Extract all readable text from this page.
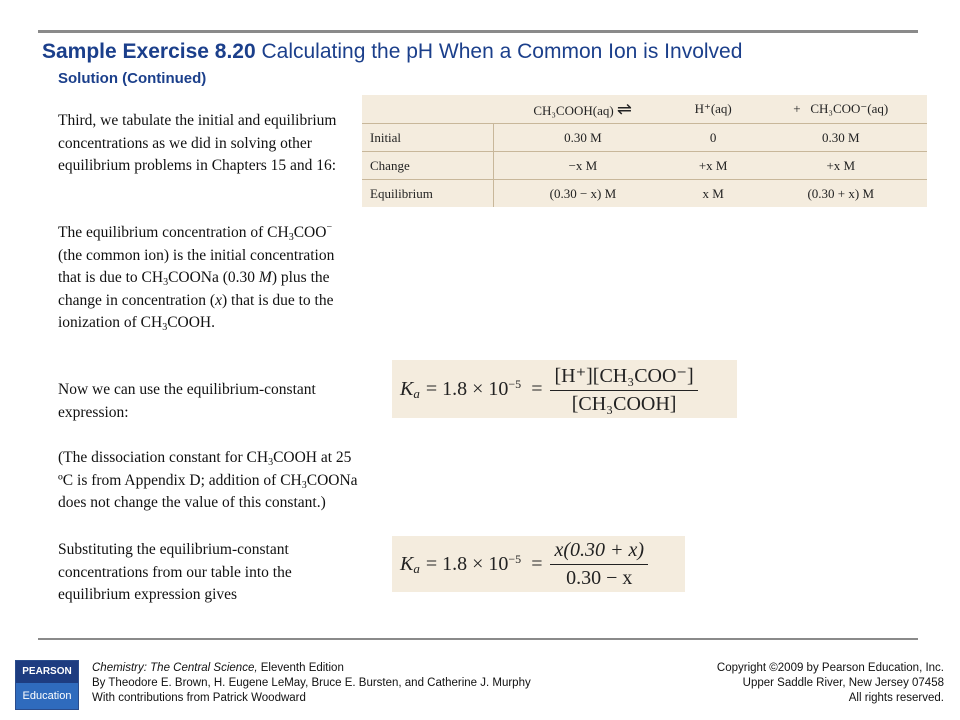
Sample Exercise 8.20 Calculating the pH When a Common Ion is Involved
Solution (Continued)
Third, we tabulate the initial and equilibrium concentrations as we did in solving other equilibrium problems in Chapters 15 and 16:
The equilibrium concentration of $CH_3COO^-$ (the common ion) is the initial concentration that is due to $CH_3COONa$ (0.30 M) plus the change in concentration (x) that is due to the ionization of $CH_3COOH$.
Now we can use the equilibrium-constant expression:
(The dissociation constant for $CH_3COOH$ at 25 ºC is from Appendix D; addition of $CH_3COONa$ does not change the value of this constant.)
Substituting the equilibrium-constant concentrations from our table into the equilibrium expression gives
	CH₃COOH(aq) ⇌	H⁺(aq)	+ CH₃COO⁻(aq)
Initial	0.30 M	0	0.30 M
Change	−x M	+x M	+x M
Equilibrium	(0.30 − x) M	x M	(0.30 + x) M
$K_a = 1.8 \times 10^{-5} = \frac{\text{[H⁺][CH₃COO⁻]}}{\text{[CH₃COOH]}}$
$K_a = 1.8 \times 10^{-5} = \frac{x(0.30 + x)}{0.30 - x}$
PEARSON
Education
Chemistry: The Central Science, Eleventh Edition
By Theodore E. Brown, H. Eugene LeMay, Bruce E. Bursten, and Catherine J. Murphy
With contributions from Patrick Woodward
Copyright ©2009 by Pearson Education, Inc.
Upper Saddle River, New Jersey 07458
All rights reserved.
